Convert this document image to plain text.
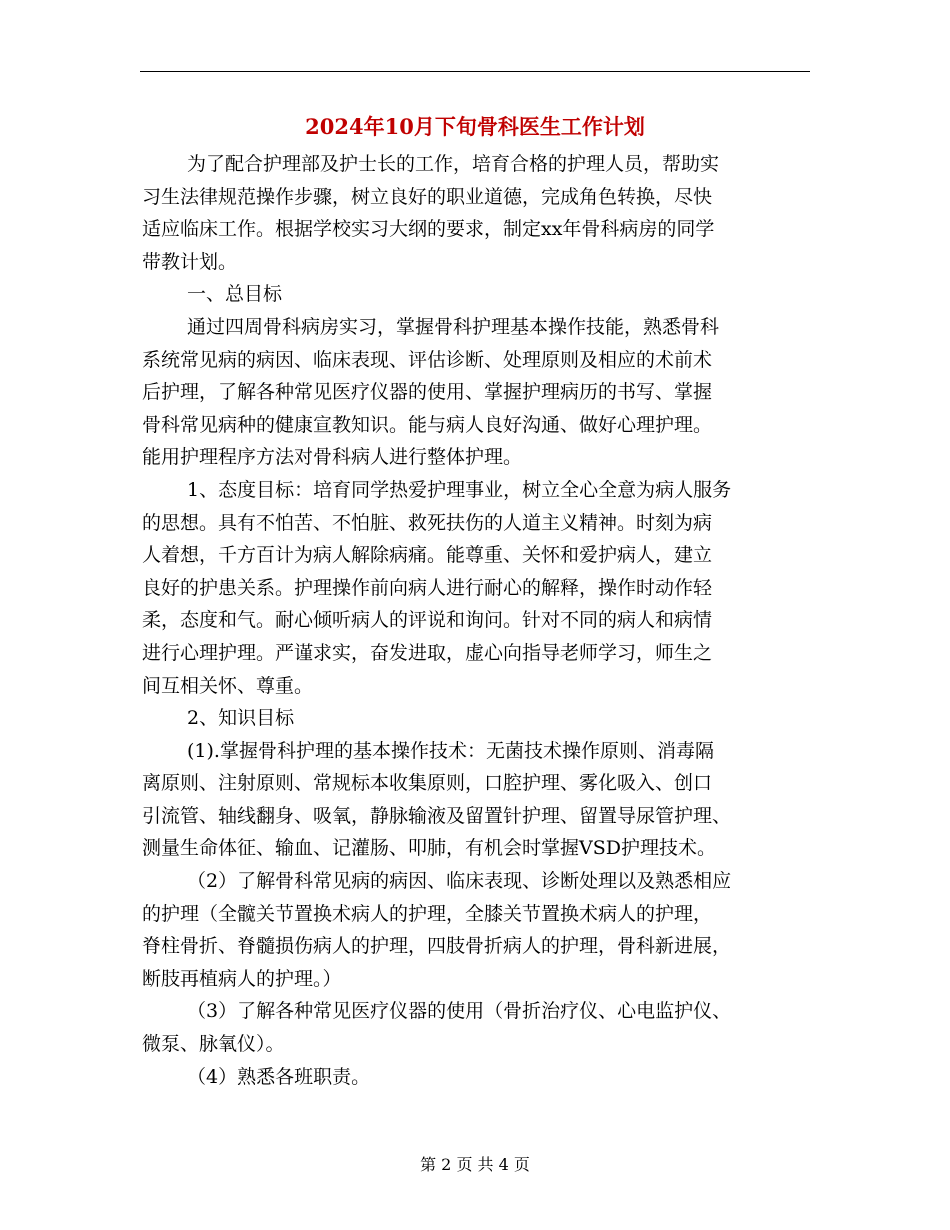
2024年10月下旬骨科医生工作计划
为了配合护理部及护士长的工作，培育合格的护理人员，帮助实
习生法律规范操作步骤，树立良好的职业道德，完成角色转换，尽快
适应临床工作。根据学校实习大纲的要求，制定xx年骨科病房的同学
带教计划。
一、总目标
通过四周骨科病房实习，掌握骨科护理基本操作技能，熟悉骨科
系统常见病的病因、临床表现、评估诊断、处理原则及相应的术前术
后护理，了解各种常见医疗仪器的使用、掌握护理病历的书写、掌握
骨科常见病种的健康宣教知识。能与病人良好沟通、做好心理护理。
能用护理程序方法对骨科病人进行整体护理。
1、态度目标：培育同学热爱护理事业，树立全心全意为病人服务
的思想。具有不怕苦、不怕脏、救死扶伤的人道主义精神。时刻为病
人着想，千方百计为病人解除病痛。能尊重、关怀和爱护病人，建立
良好的护患关系。护理操作前向病人进行耐心的解释，操作时动作轻
柔，态度和气。耐心倾听病人的评说和询问。针对不同的病人和病情
进行心理护理。严谨求实，奋发进取，虚心向指导老师学习，师生之
间互相关怀、尊重。
2、知识目标
(1).掌握骨科护理的基本操作技术：无菌技术操作原则、消毒隔
离原则、注射原则、常规标本收集原则，口腔护理、雾化吸入、创口
引流管、轴线翻身、吸氧，静脉输液及留置针护理、留置导尿管护理、
测量生命体征、输血、记灌肠、叩肺，有机会时掌握VSD护理技术。
（2）了解骨科常见病的病因、临床表现、诊断处理以及熟悉相应
的护理（全髋关节置换术病人的护理，全膝关节置换术病人的护理，
脊柱骨折、脊髓损伤病人的护理，四肢骨折病人的护理，骨科新进展，
断肢再植病人的护理。）
（3）了解各种常见医疗仪器的使用（骨折治疗仪、心电监护仪、
微泵、脉氧仪）。
（4）熟悉各班职责。
第 2 页 共 4 页
